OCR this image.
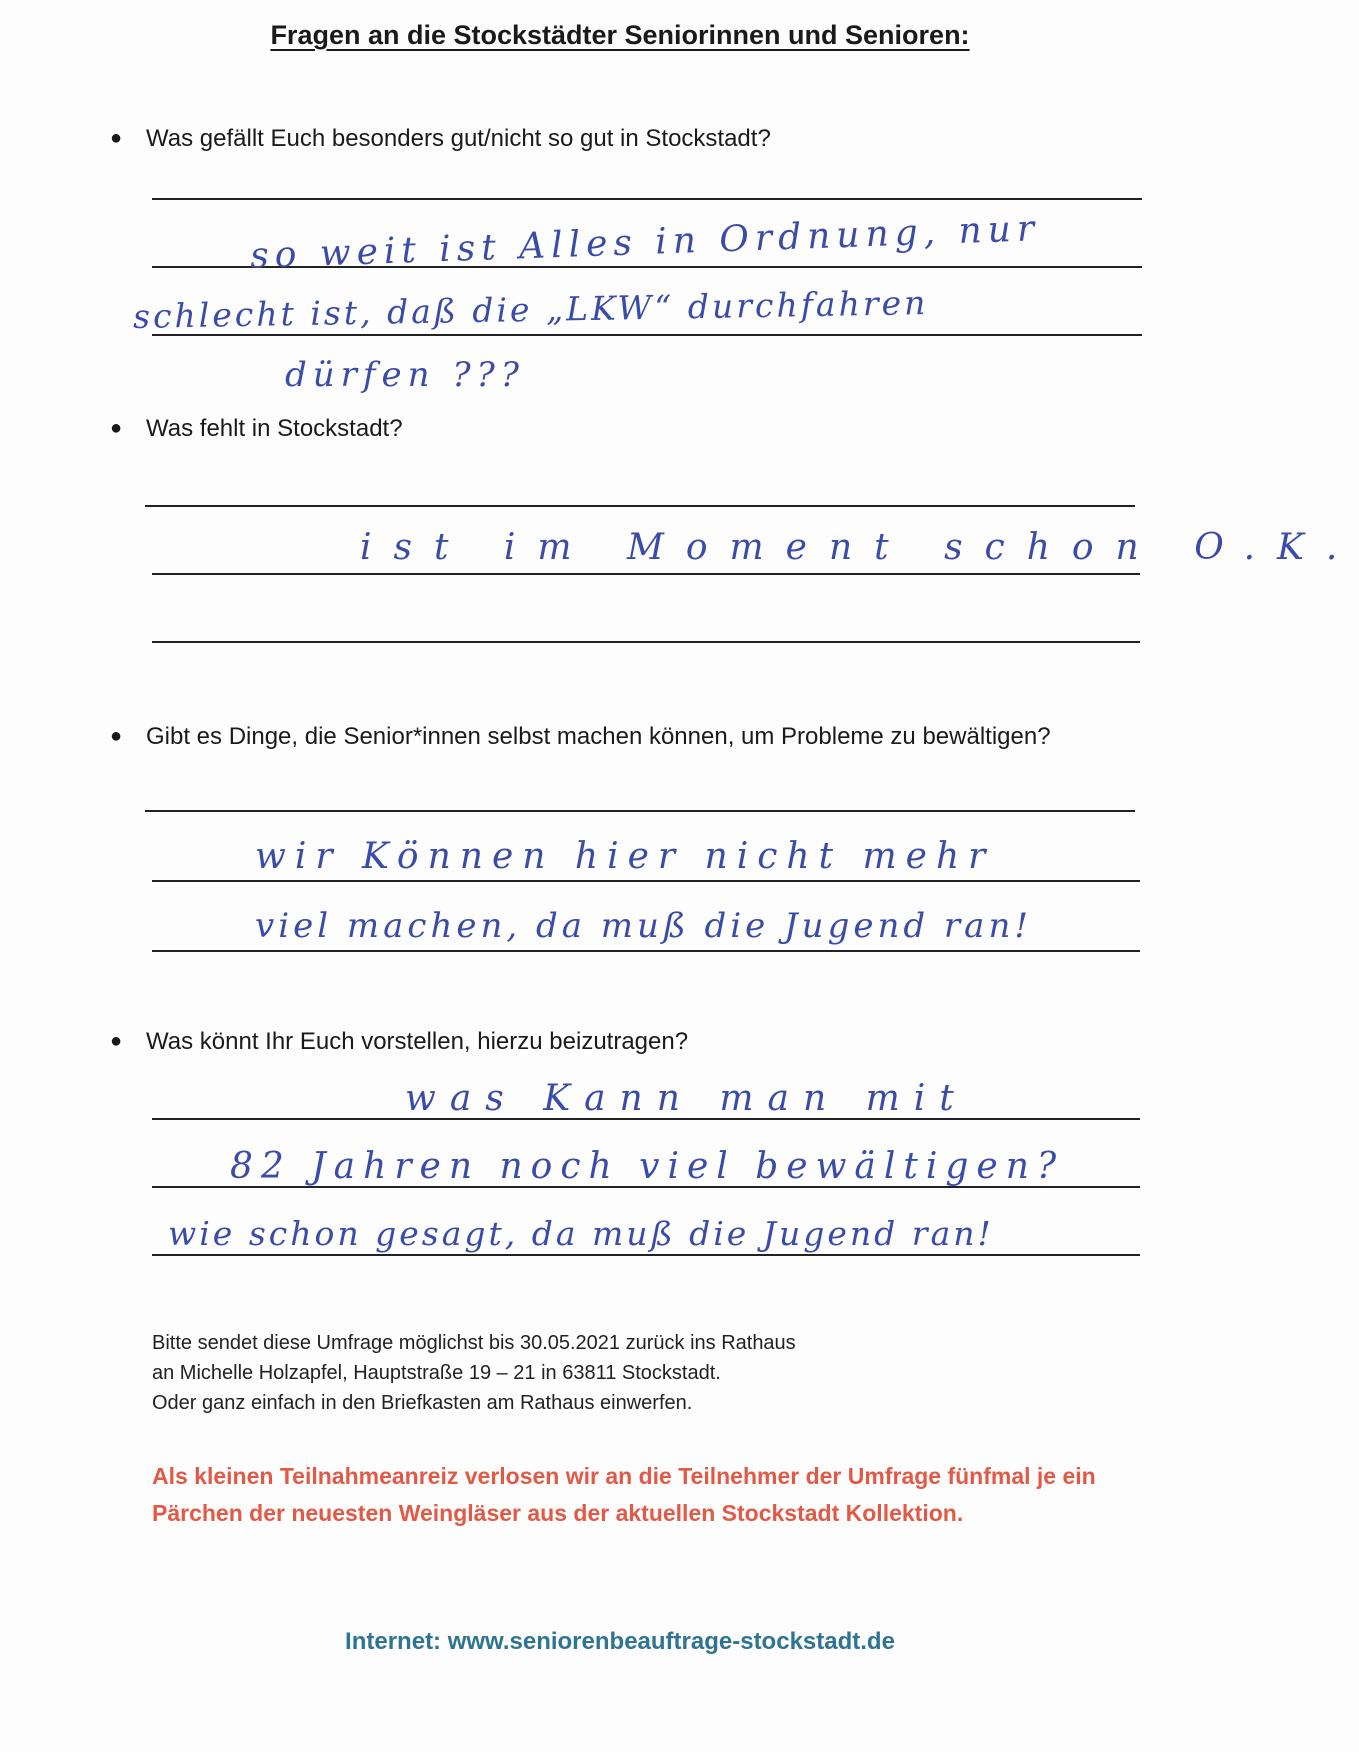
Fragen an die Stockstädter Seniorinnen und Senioren:
● Was gefällt Euch besonders gut/nicht so gut in Stockstadt?
so weit ist Alles in Ordnung, nur
schlecht ist, daß die „LKW“ durchfahren
dürfen ???
● Was fehlt in Stockstadt?
ist im Moment schon O.K.
● Gibt es Dinge, die Senior*innen selbst machen können, um Probleme zu bewältigen?
wir Können hier nicht mehr
viel machen, da muß die Jugend ran!
● Was könnt Ihr Euch vorstellen, hierzu beizutragen?
was Kann man mit
82 Jahren noch viel bewältigen?
wie schon gesagt, da muß die Jugend ran!
Bitte sendet diese Umfrage möglichst bis 30.05.2021 zurück ins Rathaus
an Michelle Holzapfel, Hauptstraße 19 – 21 in 63811 Stockstadt.
Oder ganz einfach in den Briefkasten am Rathaus einwerfen.
Als kleinen Teilnahmeanreiz verlosen wir an die Teilnehmer der Umfrage fünfmal je ein Pärchen der neuesten Weingläser aus der aktuellen Stockstadt Kollektion.
Internet: www.seniorenbeauftrage-stockstadt.de
